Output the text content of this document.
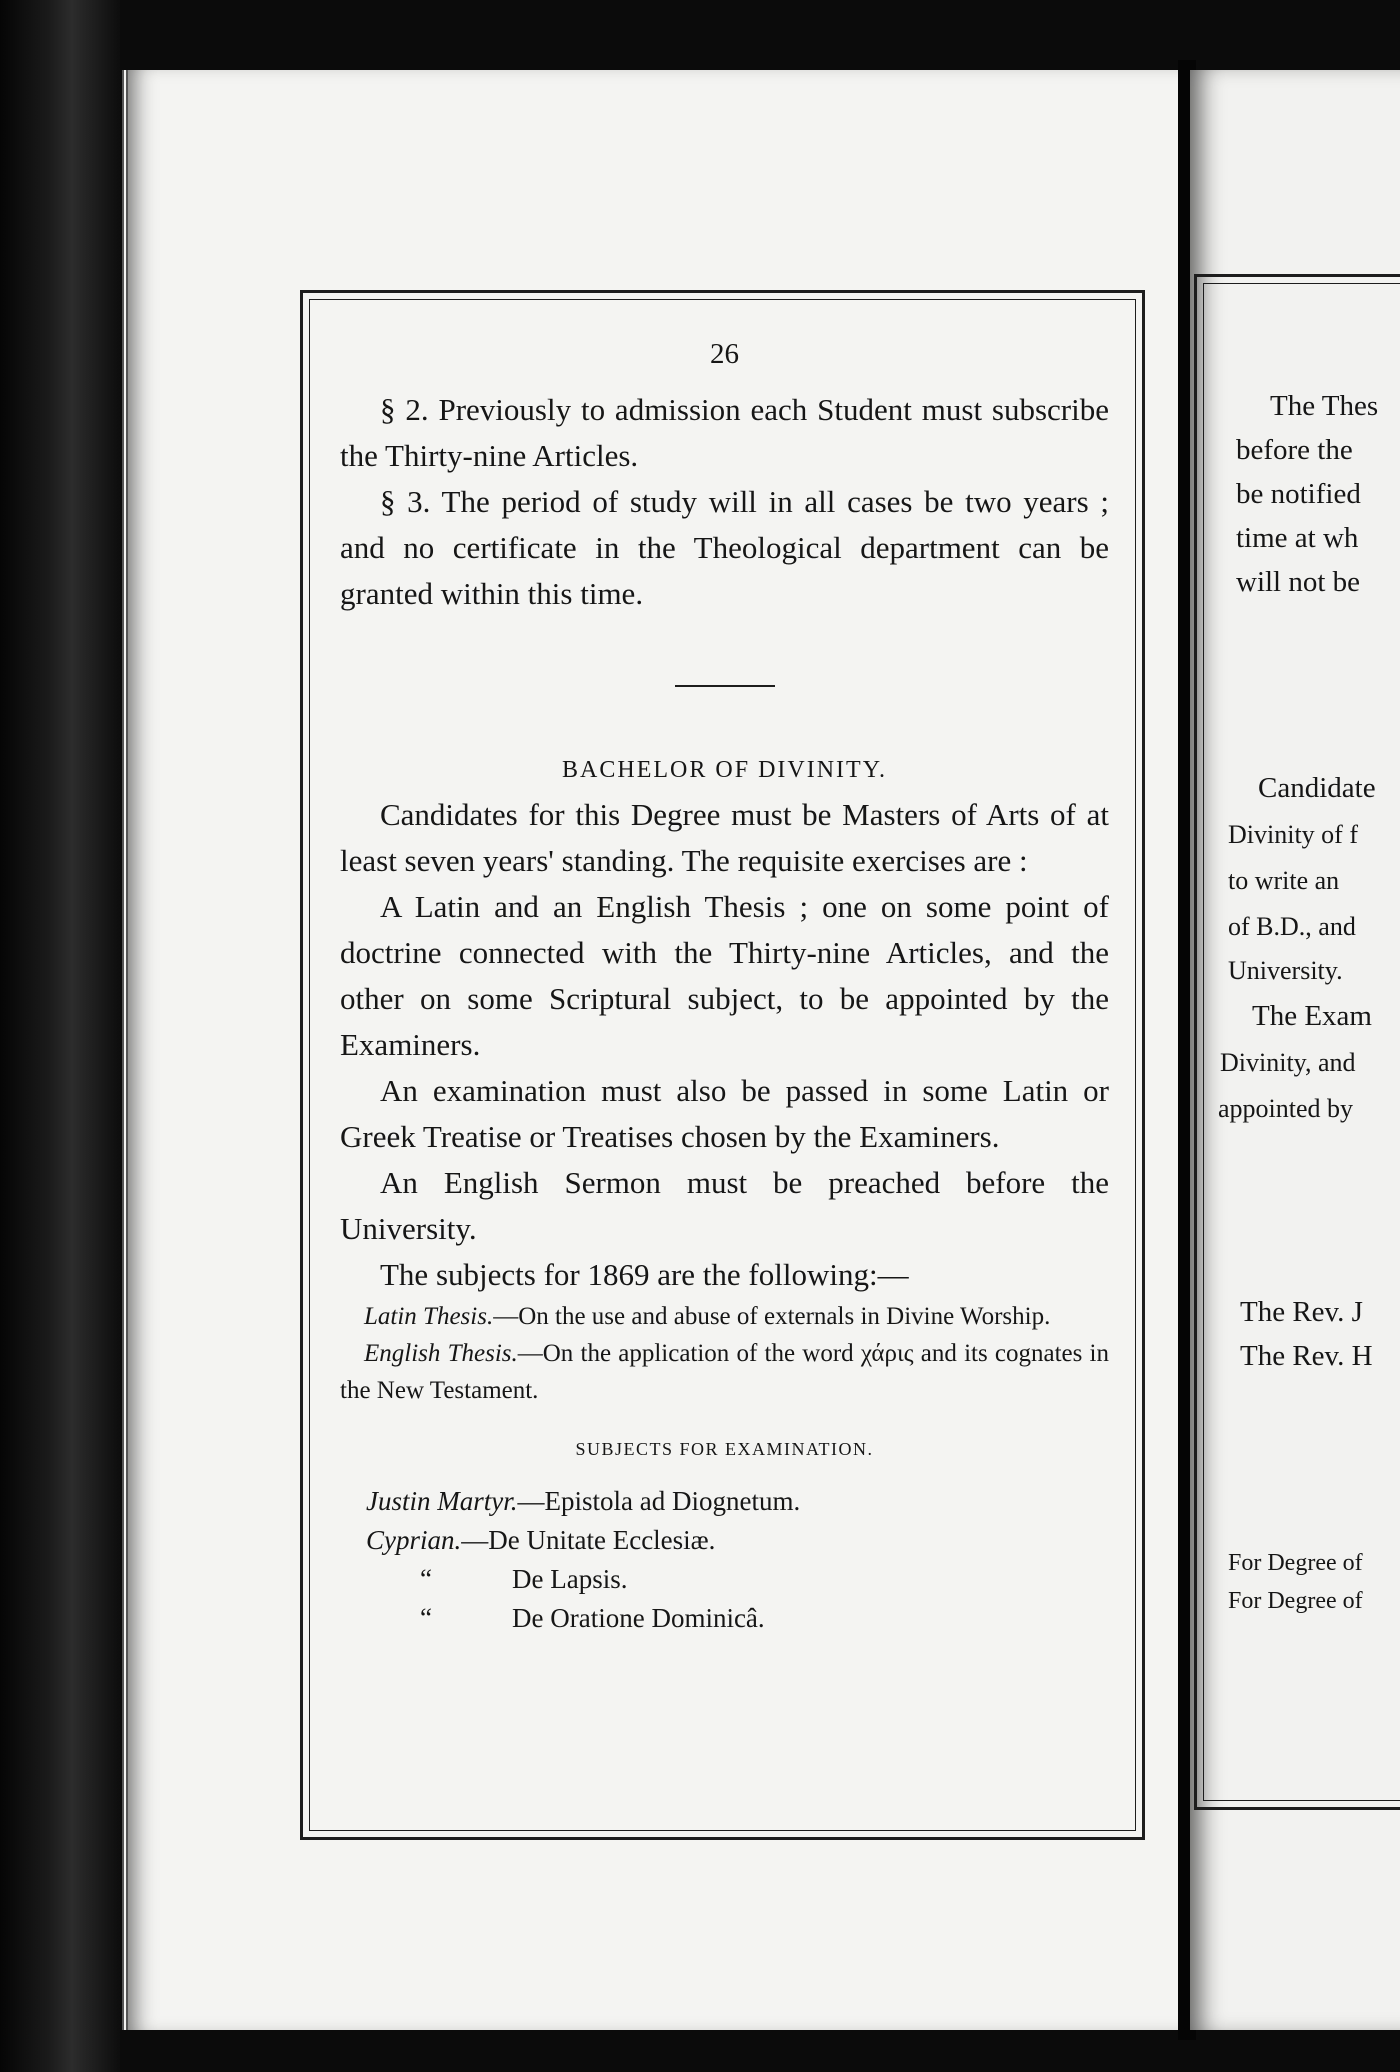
26

§ 2. Previously to admission each Student must subscribe the Thirty-nine Articles.

§ 3. The period of study will in all cases be two years ; and no certificate in the Theological department can be granted within this time.

BACHELOR OF DIVINITY.

Candidates for this Degree must be Masters of Arts of at least seven years' standing. The requisite exercises are :

A Latin and an English Thesis ; one on some point of doctrine connected with the Thirty-nine Articles, and the other on some Scriptural subject, to be appointed by the Examiners.

An examination must also be passed in some Latin or Greek Treatise or Treatises chosen by the Examiners.

An English Sermon must be preached before the University.

The subjects for 1869 are the following:—

Latin Thesis.—On the use and abuse of externals in Divine Worship.

English Thesis.—On the application of the word χάρις and its cognates in the New Testament.

SUBJECTS FOR EXAMINATION.
Justin Martyr.—Epistola ad Diognetum.
Cyprian.—De Unitate Ecclesiæ.
“	De Lapsis.
“	De Oratione Dominicâ.
The Thes
before the
be notified
time at wh
will not be
Candidate
Divinity of f
to write an
of B.D., and
University.
The Exam
Divinity, and
appointed by
The Rev. J
The Rev. H
For Degree of
For Degree of
